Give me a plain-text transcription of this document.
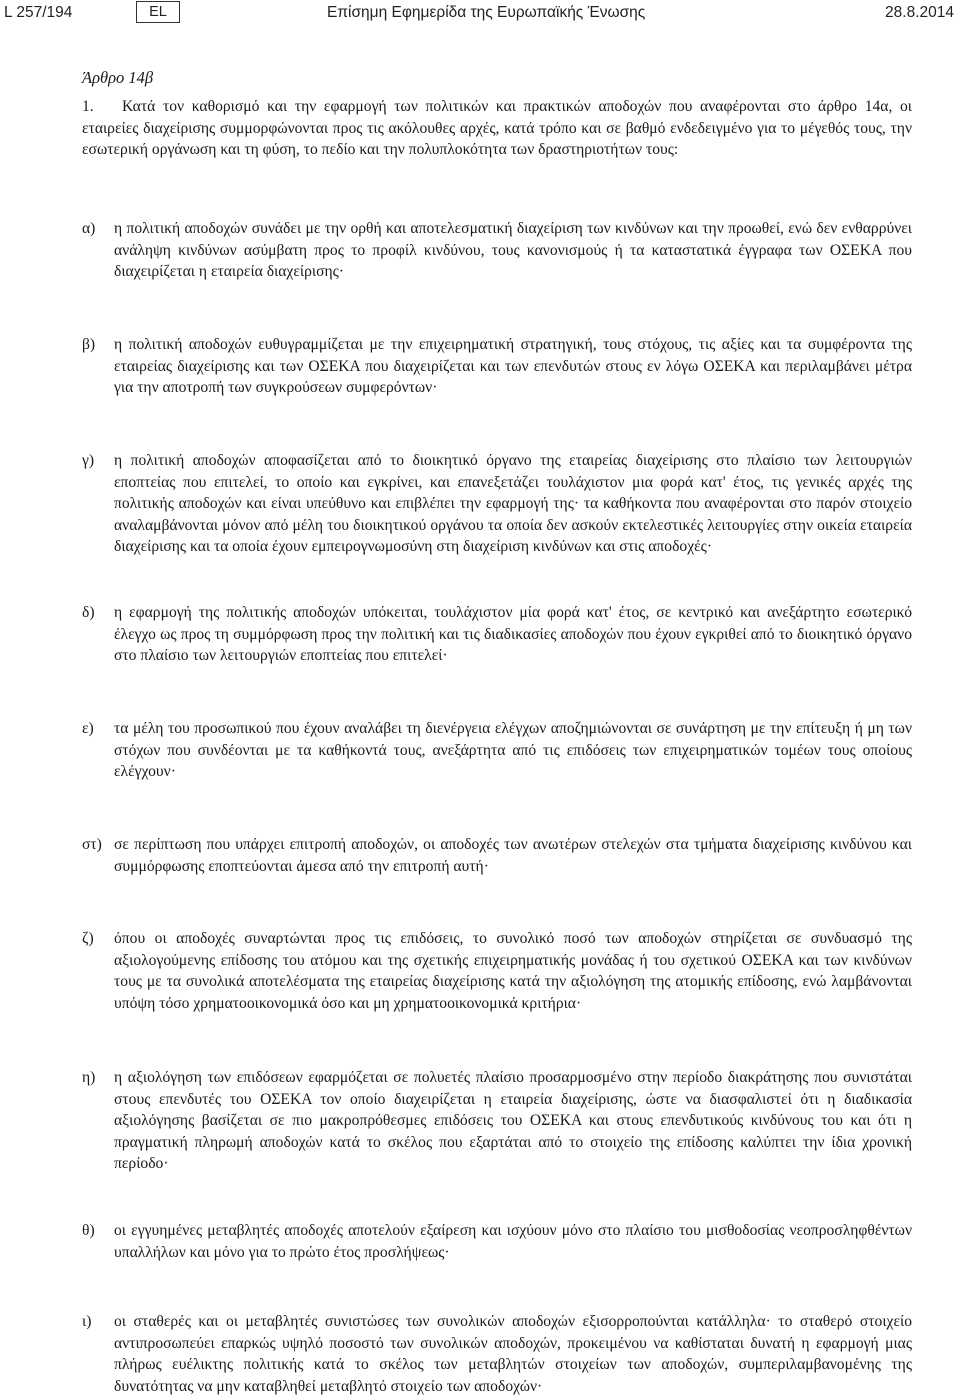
L 257/194	EL	Επίσημη Εφημερίδα της Ευρωπαϊκής Ένωσης	28.8.2014
Άρθρο 14β
1. Κατά τον καθορισμό και την εφαρμογή των πολιτικών και πρακτικών αποδοχών που αναφέρονται στο άρθρο 14α, οι εταιρείες διαχείρισης συμμορφώνονται προς τις ακόλουθες αρχές, κατά τρόπο και σε βαθμό ενδεδειγμένο για το μέγεθός τους, την εσωτερική οργάνωση και τη φύση, το πεδίο και την πολυπλοκότητα των δραστηριοτήτων τους:
α) η πολιτική αποδοχών συνάδει με την ορθή και αποτελεσματική διαχείριση των κινδύνων και την προωθεί, ενώ δεν ενθαρρύνει ανάληψη κινδύνων ασύμβατη προς το προφίλ κινδύνου, τους κανονισμούς ή τα καταστατικά έγγραφα των ΟΣΕΚΑ που διαχειρίζεται η εταιρεία διαχείρισης·
β) η πολιτική αποδοχών ευθυγραμμίζεται με την επιχειρηματική στρατηγική, τους στόχους, τις αξίες και τα συμφέροντα της εταιρείας διαχείρισης και των ΟΣΕΚΑ που διαχειρίζεται και των επενδυτών στους εν λόγω ΟΣΕΚΑ και περιλαμβάνει μέτρα για την αποτροπή των συγκρούσεων συμφερόντων·
γ) η πολιτική αποδοχών αποφασίζεται από το διοικητικό όργανο της εταιρείας διαχείρισης στο πλαίσιο των λειτουργιών εποπτείας που επιτελεί, το οποίο και εγκρίνει, και επανεξετάζει τουλάχιστον μια φορά κατ' έτος, τις γενικές αρχές της πολιτικής αποδοχών και είναι υπεύθυνο και επιβλέπει την εφαρμογή της· τα καθήκοντα που αναφέρονται στο παρόν στοιχείο αναλαμβάνονται μόνον από μέλη του διοικητικού οργάνου τα οποία δεν ασκούν εκτελεστικές λειτουργίες στην οικεία εταιρεία διαχείρισης και τα οποία έχουν εμπειρογνωμοσύνη στη διαχείριση κινδύνων και στις αποδοχές·
δ) η εφαρμογή της πολιτικής αποδοχών υπόκειται, τουλάχιστον μία φορά κατ' έτος, σε κεντρικό και ανεξάρτητο εσωτερικό έλεγχο ως προς τη συμμόρφωση προς την πολιτική και τις διαδικασίες αποδοχών που έχουν εγκριθεί από το διοικητικό όργανο στο πλαίσιο των λειτουργιών εποπτείας που επιτελεί·
ε) τα μέλη του προσωπικού που έχουν αναλάβει τη διενέργεια ελέγχων αποζημιώνονται σε συνάρτηση με την επίτευξη ή μη των στόχων που συνδέονται με τα καθήκοντά τους, ανεξάρτητα από τις επιδόσεις των επιχειρηματικών τομέων τους οποίους ελέγχουν·
στ) σε περίπτωση που υπάρχει επιτροπή αποδοχών, οι αποδοχές των ανωτέρων στελεχών στα τμήματα διαχείρισης κινδύνου και συμμόρφωσης εποπτεύονται άμεσα από την επιτροπή αυτή·
ζ) όπου οι αποδοχές συναρτώνται προς τις επιδόσεις, το συνολικό ποσό των αποδοχών στηρίζεται σε συνδυασμό της αξιολογούμενης επίδοσης του ατόμου και της σχετικής επιχειρηματικής μονάδας ή του σχετικού ΟΣΕΚΑ και των κινδύνων τους με τα συνολικά αποτελέσματα της εταιρείας διαχείρισης κατά την αξιολόγηση της ατομικής επίδοσης, ενώ λαμβάνονται υπόψη τόσο χρηματοοικονομικά όσο και μη χρηματοοικονομικά κριτήρια·
η) η αξιολόγηση των επιδόσεων εφαρμόζεται σε πολυετές πλαίσιο προσαρμοσμένο στην περίοδο διακράτησης που συνιστάται στους επενδυτές του ΟΣΕΚΑ τον οποίο διαχειρίζεται η εταιρεία διαχείρισης, ώστε να διασφαλιστεί ότι η διαδικασία αξιολόγησης βασίζεται σε πιο μακροπρόθεσμες επιδόσεις του ΟΣΕΚΑ και στους επενδυτικούς κινδύνους του και ότι η πραγματική πληρωμή αποδοχών κατά το σκέλος που εξαρτάται από το στοιχείο της επίδοσης καλύπτει την ίδια χρονική περίοδο·
θ) οι εγγυημένες μεταβλητές αποδοχές αποτελούν εξαίρεση και ισχύουν μόνο στο πλαίσιο του μισθοδοσίας νεοπροσληφθέντων υπαλλήλων και μόνο για το πρώτο έτος προσλήψεως·
ι) οι σταθερές και οι μεταβλητές συνιστώσες των συνολικών αποδοχών εξισορροπούνται κατάλληλα· το σταθερό στοιχείο αντιπροσωπεύει επαρκώς υψηλό ποσοστό των συνολικών αποδοχών, προκειμένου να καθίσταται δυνατή η εφαρμογή μιας πλήρως ευέλικτης πολιτικής κατά το σκέλος των μεταβλητών στοιχείων των αποδοχών, συμπεριλαμβανομένης της δυνατότητας να μην καταβληθεί μεταβλητό στοιχείο των αποδοχών·
